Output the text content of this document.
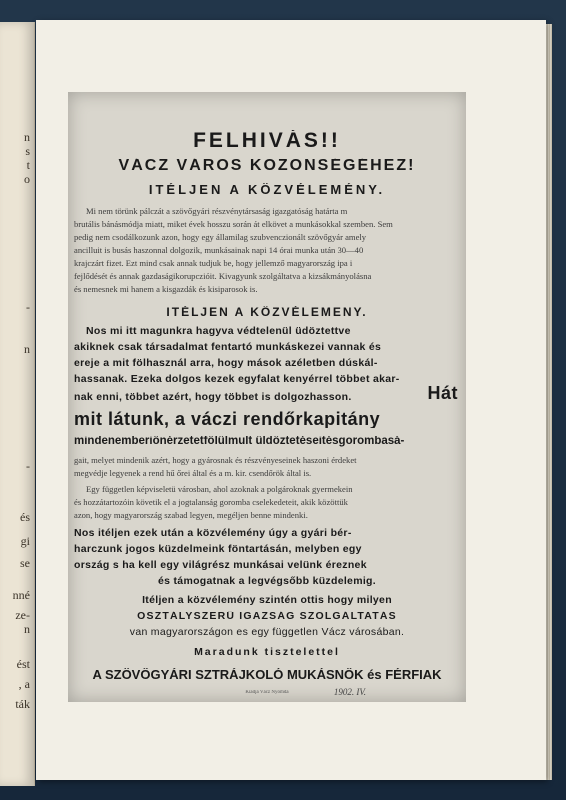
n
s
t
o
-
n
-
és
gi
se
nné
ze-
n
ést
, a
ták
FELHIVÁS!!
VÁCZ VÁROS KÖZÖNSÉGÉHEZ!
ITÉLJEN A KÖZVÉLEMÉNY.
Mi nem törünk pálczát a szövőgyári részvénytársaság igazgatóság határta m
brutális bánásmódja miatt, miket évek hosszu során át elkövet a munkásokkal szemben. Sem
pedig nem csodálkozunk azon, hogy egy államilag szubvenczionált szövőgyár amely
ancilluit is busás haszonnal dolgozik, munkásainak napi 14 órai munka után 30—40
krajczárt fizet. Ezt mind csak annak tudjuk be, hogy jellemző magyarország ipa i
fejlődését és annak gazdaságikorupczióit. Kivagyunk szolgáltatva a kizsákmányolásna
és nemesnek mi hanem a kisgazdák és kisiparosok is.
ITÉLJEN A KÖZVÉLEMENY.
Nos mi itt magunkra hagyva védtelenül üdöztettve
akiknek csak társadalmat fentartó munkáskezei vannak és
ereje a mit fölhasznál arra, hogy mások azéletben dúskál-
hassanak. Ezeka dolgos kezek egyfalat kenyérrel többet akar-
nak enni, többet azért, hogy többet is dolgozhasson.	Hát
mit látunk, a váczi rendőrkapitány
mindenemberiönérzetetfölülmult üldöztetéseitésgorombasá-
gait, melyet mindenik azért, hogy a gyárosnak és részvényeseinek haszoni érdeket
megvédje legyenek a rend hű őrei által és a m. kir. csendőrök által is.
Egy független képviseletü városban, ahol azoknak a polgároknak gyermekein
és hozzátartozóin követik el a jogtalanság goromba cselekedeteit, akik közöttük
azon, hogy magyarország szabad legyen, megéljen benne mindenki.
Nos itéljen ezek után a közvélemény úgy a gyári bér-
harczunk jogos küzdelmeink föntartásán, melyben egy
ország s ha kell egy világrész munkásai velünk éreznek
és támogatnak a legvégsőbb küzdelemig.
Itéljen a közvélemény szintén ottis hogy milyen
OSZTÁLYSZERŰ IGAZSÁG SZOLGÁLTATÁS
van magyarországon es egy független Vácz városában.
Maradunk tisztelettel
A SZÖVŐGYÁRI SZTRÁJKOLÓ MUKÁSNŐK és FÉRFIAK
Kiadja Vácz Nyomda	1902. IV.
